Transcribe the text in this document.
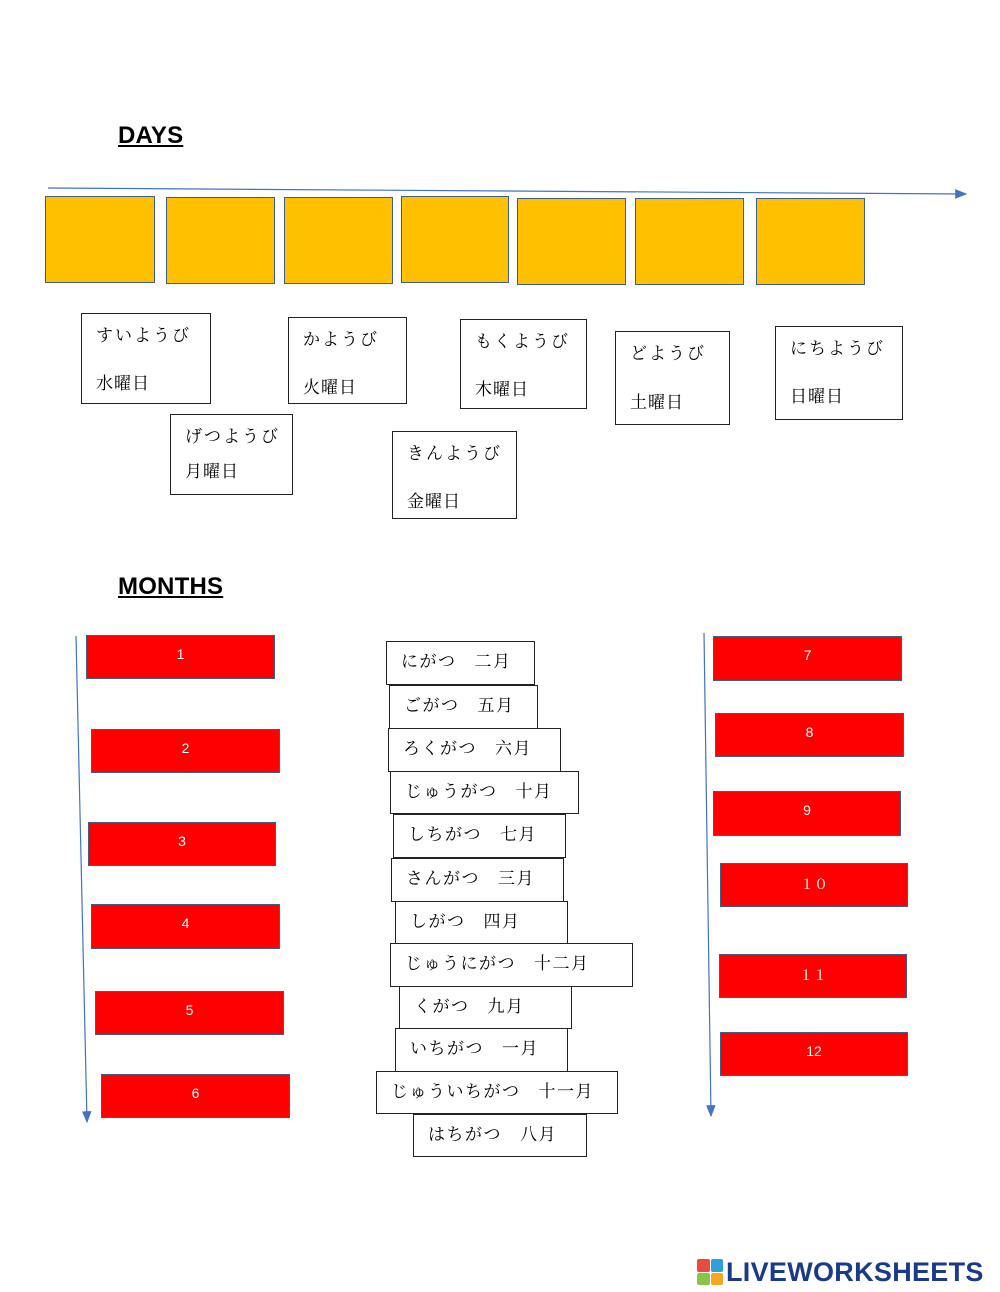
DAYS
MONTHS
すいようび
水曜日
げつようび
月曜日
かようび
火曜日
きんようび
金曜日
もくようび
木曜日
どようび
土曜日
にちようび
日曜日
1
2
3
4
5
6
7
8
9
１０
１１
12
にがつ 二月
ごがつ 五月
ろくがつ 六月
じゅうがつ 十月
しちがつ 七月
さんがつ 三月
しがつ 四月
じゅうにがつ 十二月
くがつ 九月
いちがつ 一月
じゅういちがつ 十一月
はちがつ 八月
LIVEWORKSHEETS
